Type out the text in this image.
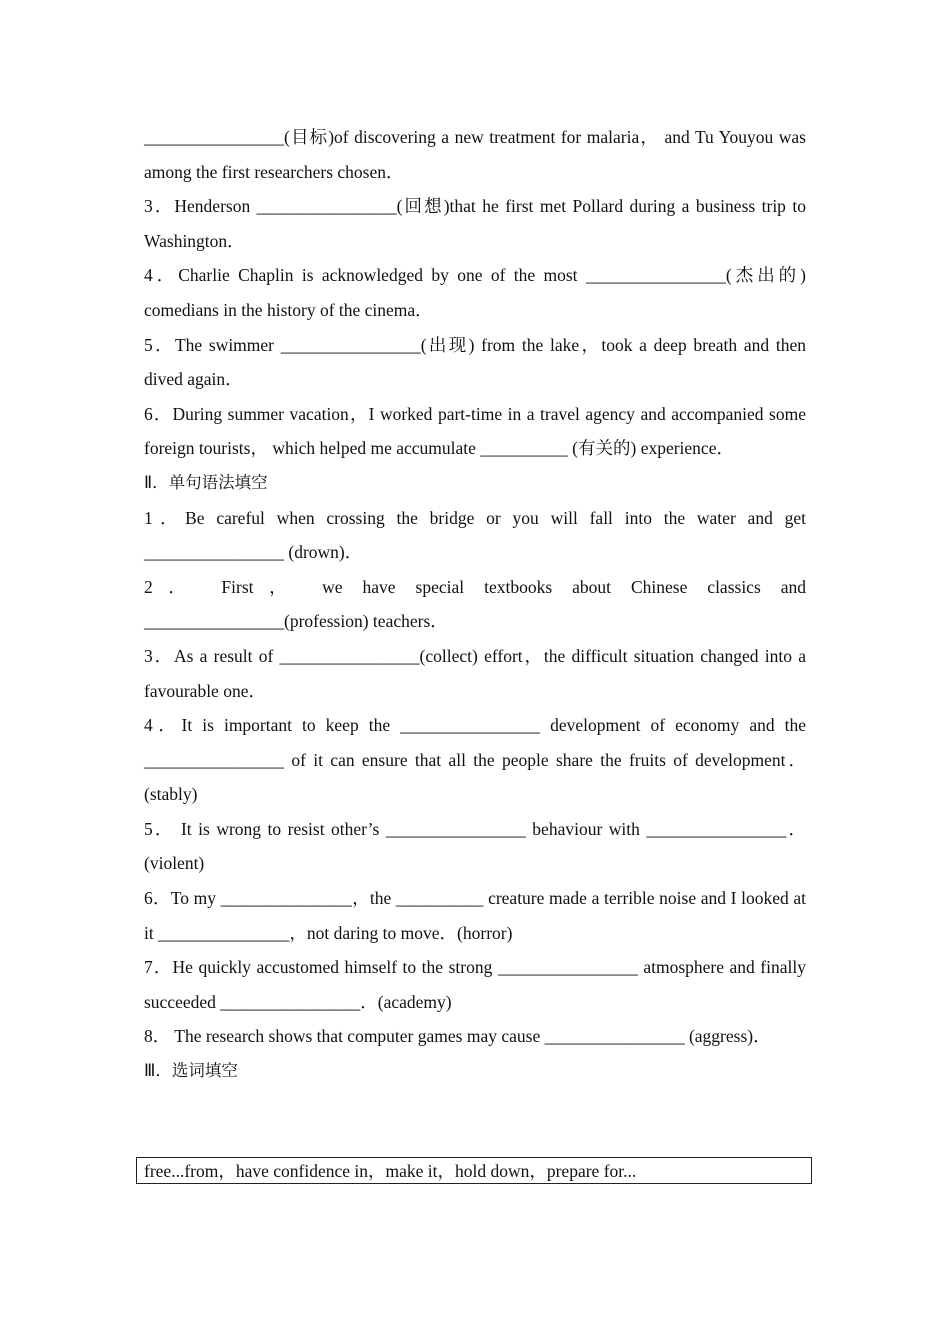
________________(目标)of discovering a new treatment for malaria， and Tu Youyou was among the first researchers chosen．

3．Henderson ________________(回想)that he first met Pollard during a business trip to Washington．

4．Charlie Chaplin is acknowledged by one of the most ________________(杰出的) comedians in the history of the cinema．

5．The swimmer ________________(出现) from the lake，took a deep breath and then dived again．

6．During summer vacation，I worked part-time in a travel agency and accompanied some foreign tourists， which helped me accumulate __________ (有关的) experience．

Ⅱ．单句语法填空

1．Be careful when crossing the bridge or you will fall into the water and get ________________ (drown)．

2． First， we have special textbooks about Chinese classics and ________________(profession) teachers．

3．As a result of ________________(collect) effort，the difficult situation changed into a favourable one．

4．It is important to keep the ________________ development of economy and the ________________ of it can ensure that all the people share the fruits of development．(stably)

5． It is wrong to resist other’s ________________ behaviour with ________________．(violent)

6．To my _______________，the __________ creature made a terrible noise and I looked at it _______________，not daring to move．(horror)

7．He quickly accustomed himself to the strong ________________ atmosphere and finally succeeded ________________．(academy)

8． The research shows that computer games may cause ________________ (aggress)．

Ⅲ．选词填空

free...from，have confidence in，make it，hold down，prepare for...
